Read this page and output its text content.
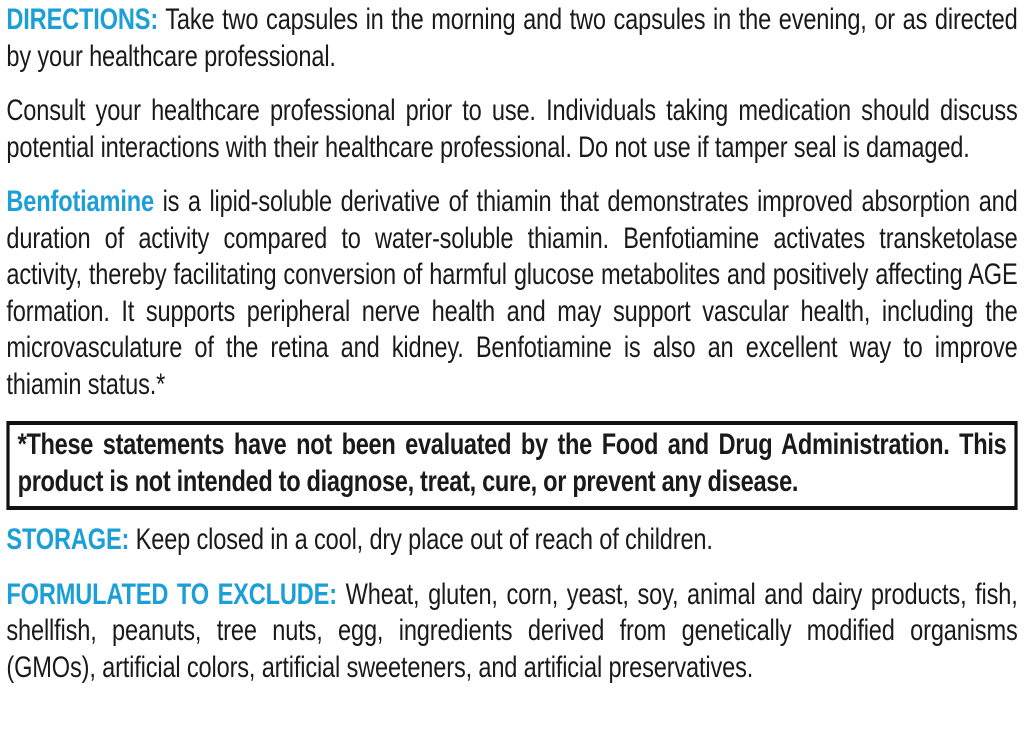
DIRECTIONS: Take two capsules in the morning and two capsules in the evening, or as directed by your healthcare professional.

Consult your healthcare professional prior to use. Individuals taking medication should discuss potential interactions with their healthcare professional. Do not use if tamper seal is damaged.

Benfotiamine is a lipid-soluble derivative of thiamin that demonstrates improved absorption and duration of activity compared to water-soluble thiamin. Benfotiamine activates transketolase activity, thereby facilitating conversion of harmful glucose metabolites and positively affecting AGE formation. It supports peripheral nerve health and may support vascular health, including the microvasculature of the retina and kidney. Benfotiamine is also an excellent way to improve thiamin status.*

*These statements have not been evaluated by the Food and Drug Administration. This product is not intended to diagnose, treat, cure, or prevent any disease.

STORAGE: Keep closed in a cool, dry place out of reach of children.

FORMULATED TO EXCLUDE: Wheat, gluten, corn, yeast, soy, animal and dairy products, fish, shellfish, peanuts, tree nuts, egg, ingredients derived from genetically modified organisms (GMOs), artificial colors, artificial sweeteners, and artificial preservatives.
